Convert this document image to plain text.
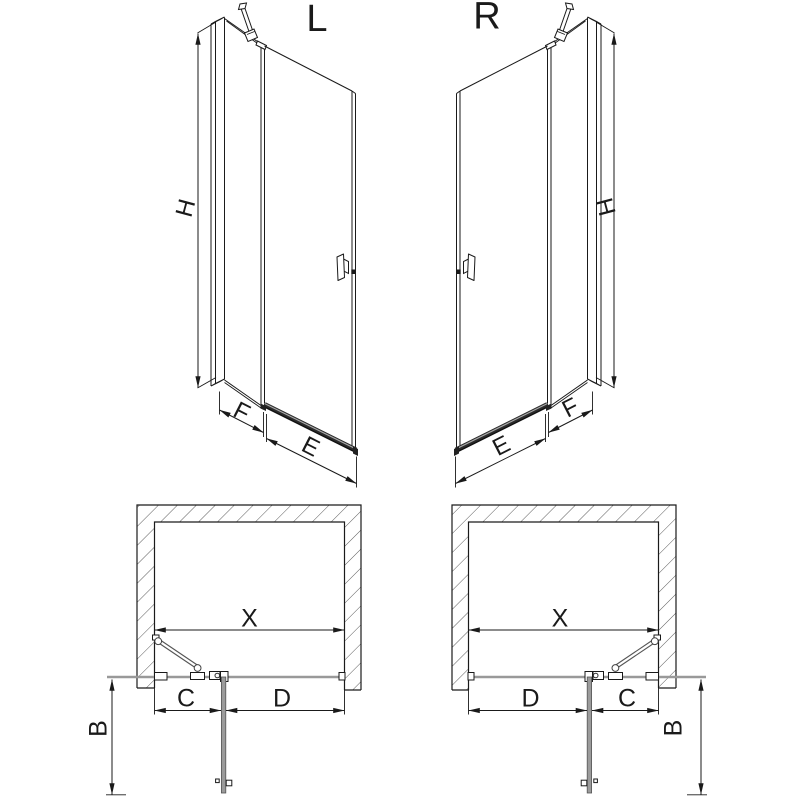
L
H
F
E
R
H
F
E
X
C	D
B
X
D	C
B
